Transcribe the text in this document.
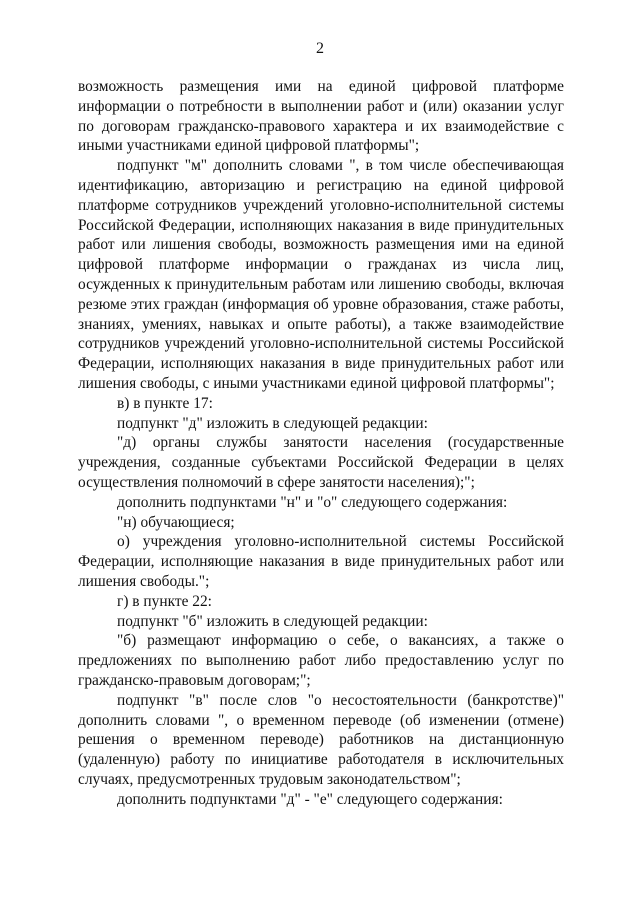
2

возможность размещения ими на единой цифровой платформе информации о потребности в выполнении работ и (или) оказании услуг по договорам гражданско-правового характера и их взаимодействие с иными участниками единой цифровой платформы";

подпункт "м" дополнить словами ", в том числе обеспечивающая идентификацию, авторизацию и регистрацию на единой цифровой платформе сотрудников учреждений уголовно-исполнительной системы Российской Федерации, исполняющих наказания в виде принудительных работ или лишения свободы, возможность размещения ими на единой цифровой платформе информации о гражданах из числа лиц, осужденных к принудительным работам или лишению свободы, включая резюме этих граждан (информация об уровне образования, стаже работы, знаниях, умениях, навыках и опыте работы), а также взаимодействие сотрудников учреждений уголовно-исполнительной системы Российской Федерации, исполняющих наказания в виде принудительных работ или лишения свободы, с иными участниками единой цифровой платформы";

в) в пункте 17:

подпункт "д" изложить в следующей редакции:

"д) органы службы занятости населения (государственные учреждения, созданные субъектами Российской Федерации в целях осуществления полномочий в сфере занятости населения);";

дополнить подпунктами "н" и "о" следующего содержания:

"н) обучающиеся;

о) учреждения уголовно-исполнительной системы Российской Федерации, исполняющие наказания в виде принудительных работ или лишения свободы.";

г) в пункте 22:

подпункт "б" изложить в следующей редакции:

"б) размещают информацию о себе, о вакансиях, а также о предложениях по выполнению работ либо предоставлению услуг по гражданско-правовым договорам;";

подпункт "в" после слов "о несостоятельности (банкротстве)" дополнить словами ", о временном переводе (об изменении (отмене) решения о временном переводе) работников на дистанционную (удаленную) работу по инициативе работодателя в исключительных случаях, предусмотренных трудовым законодательством";

дополнить подпунктами "д" - "е" следующего содержания:
